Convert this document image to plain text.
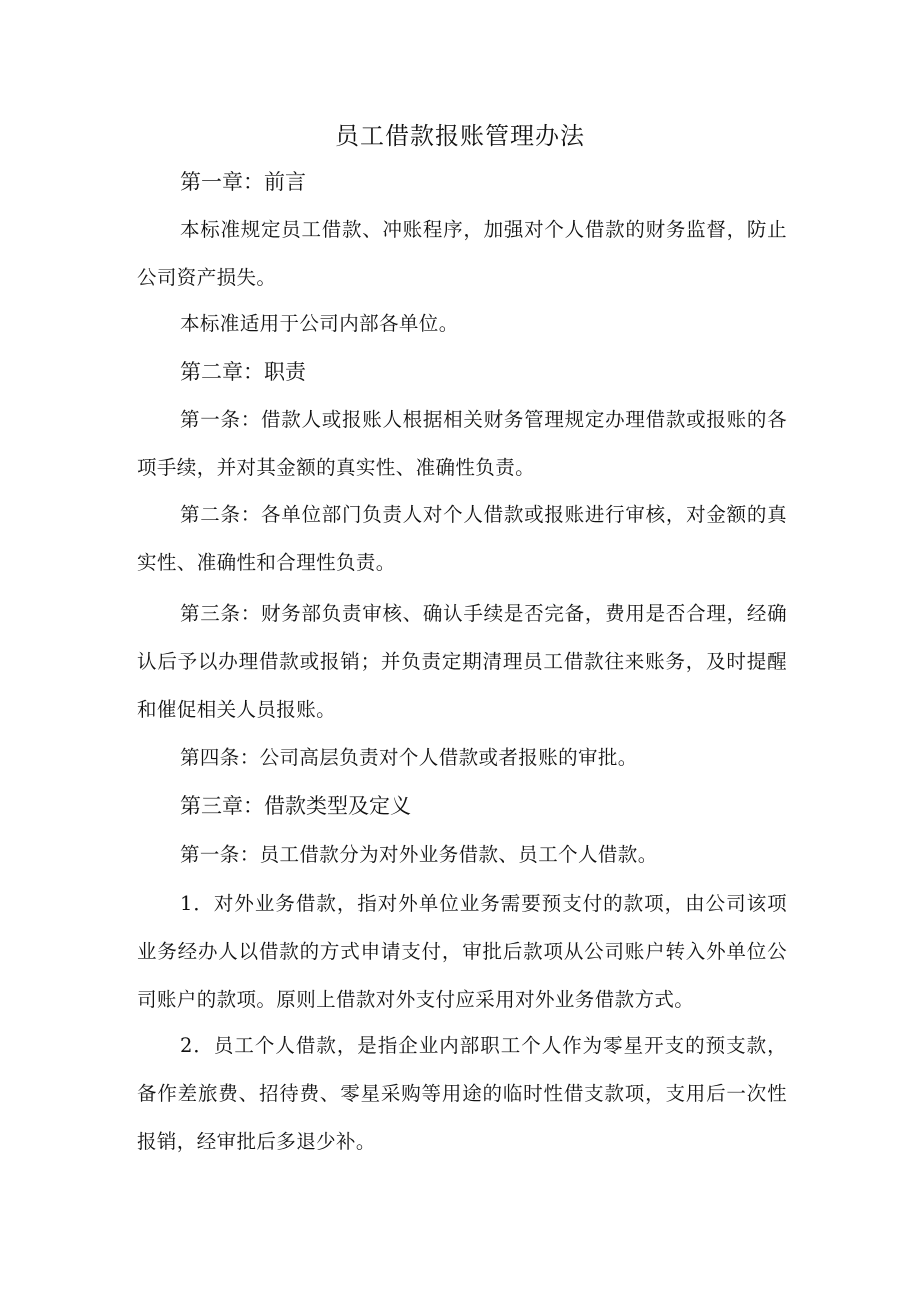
员工借款报账管理办法
第一章：前言
本标准规定员工借款、冲账程序，加强对个人借款的财务监督，防止公司资产损失。
本标准适用于公司内部各单位。
第二章：职责
第一条：借款人或报账人根据相关财务管理规定办理借款或报账的各项手续，并对其金额的真实性、准确性负责。
第二条：各单位部门负责人对个人借款或报账进行审核，对金额的真实性、准确性和合理性负责。
第三条：财务部负责审核、确认手续是否完备，费用是否合理，经确认后予以办理借款或报销；并负责定期清理员工借款往来账务，及时提醒和催促相关人员报账。
第四条：公司高层负责对个人借款或者报账的审批。
第三章：借款类型及定义
第一条：员工借款分为对外业务借款、员工个人借款。
1．对外业务借款，指对外单位业务需要预支付的款项，由公司该项业务经办人以借款的方式申请支付，审批后款项从公司账户转入外单位公司账户的款项。原则上借款对外支付应采用对外业务借款方式。
2．员工个人借款，是指企业内部职工个人作为零星开支的预支款，备作差旅费、招待费、零星采购等用途的临时性借支款项，支用后一次性报销，经审批后多退少补。
